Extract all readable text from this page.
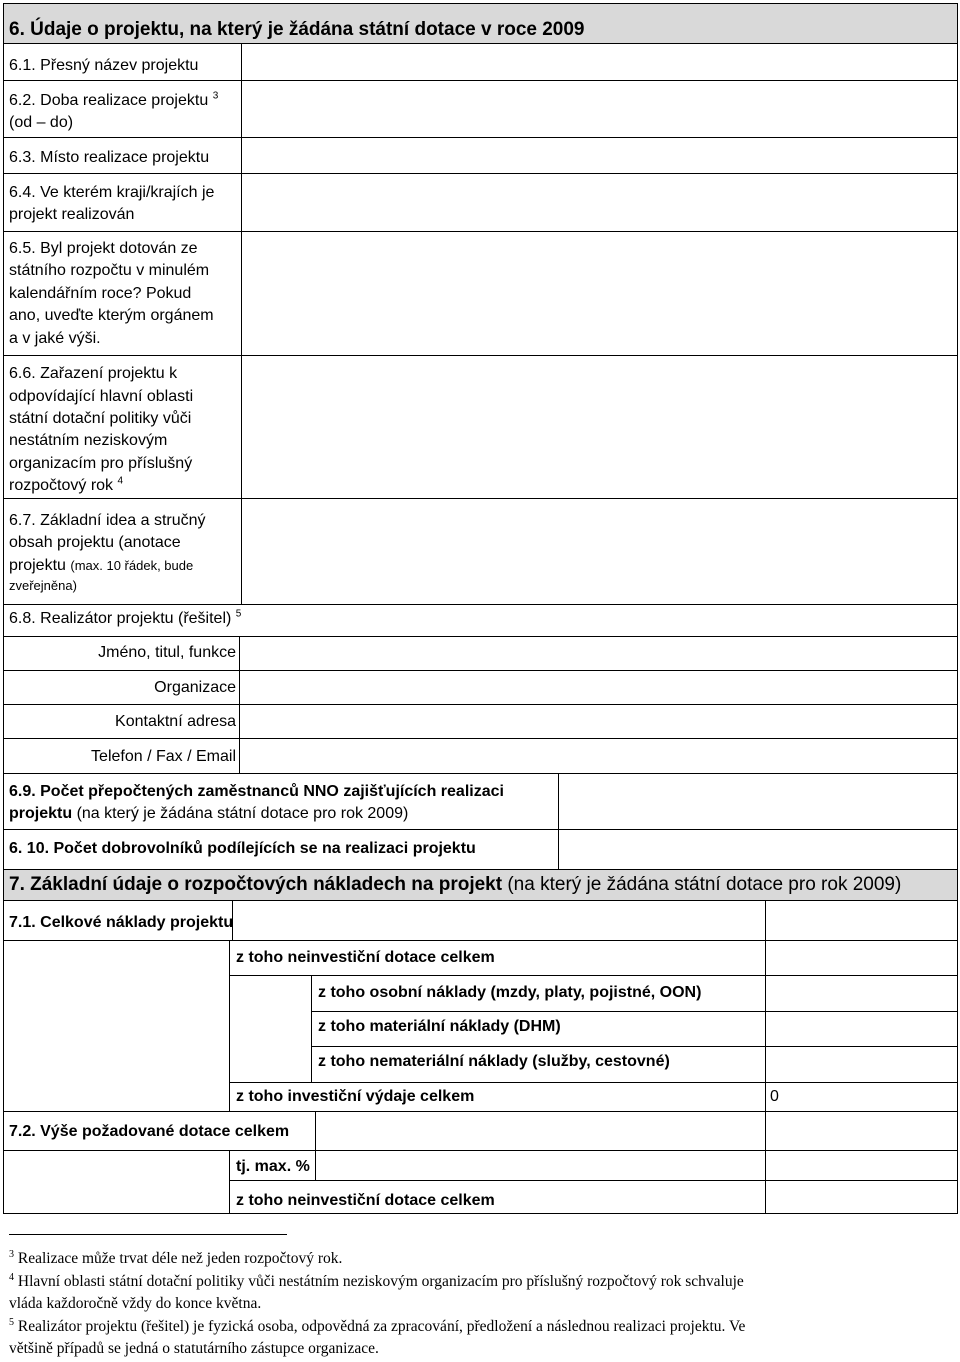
6. Údaje o projektu, na který je žádána státní dotace v roce 2009
6.1. Přesný název projektu
6.2. Doba realizace projektu $^3$
(od – do)
6.3. Místo realizace projektu
6.4. Ve kterém kraji/krajích je
projekt realizován
6.5. Byl projekt dotován ze
státního rozpočtu v minulém
kalendářním roce? Pokud
ano, uveďte kterým orgánem
a v jaké výši.
6.6. Zařazení projektu k
odpovídající hlavní oblasti
státní dotační politiky vůči
nestátním neziskovým
organizacím pro příslušný
rozpočtový rok $^4$
6.7. Základní idea a stručný
obsah projektu (anotace
projektu (max. 10 řádek, bude
zveřejněna)
6.8. Realizátor projektu (řešitel) $^5$
Jméno, titul, funkce
Organizace
Kontaktní adresa
Telefon / Fax / Email
6.9. Počet přepočtených zaměstnanců NNO zajišťujících realizaci
projektu (na který je žádána státní dotace pro rok 2009)
6. 10. Počet dobrovolníků podílejících se na realizaci projektu
7. Základní údaje o rozpočtových nákladech na projekt (na který je žádána státní dotace pro rok 2009)
7.1. Celkové náklady projektu
z toho neinvestiční dotace celkem
z toho osobní náklady (mzdy, platy, pojistné, OON)
z toho materiální náklady (DHM)
z toho nemateriální náklady (služby, cestovné)
z toho investiční výdaje celkem	0
7.2. Výše požadované dotace celkem
tj. max. %
z toho neinvestiční dotace celkem
$^3$ Realizace může trvat déle než jeden rozpočtový rok.
$^4$ Hlavní oblasti státní dotační politiky vůči nestátním neziskovým organizacím pro příslušný rozpočtový rok schvaluje
vláda každoročně vždy do konce května.
$^5$ Realizátor projektu (řešitel) je fyzická osoba, odpovědná za zpracování, předložení a následnou realizaci projektu. Ve
většině případů se jedná o statutárního zástupce organizace.
